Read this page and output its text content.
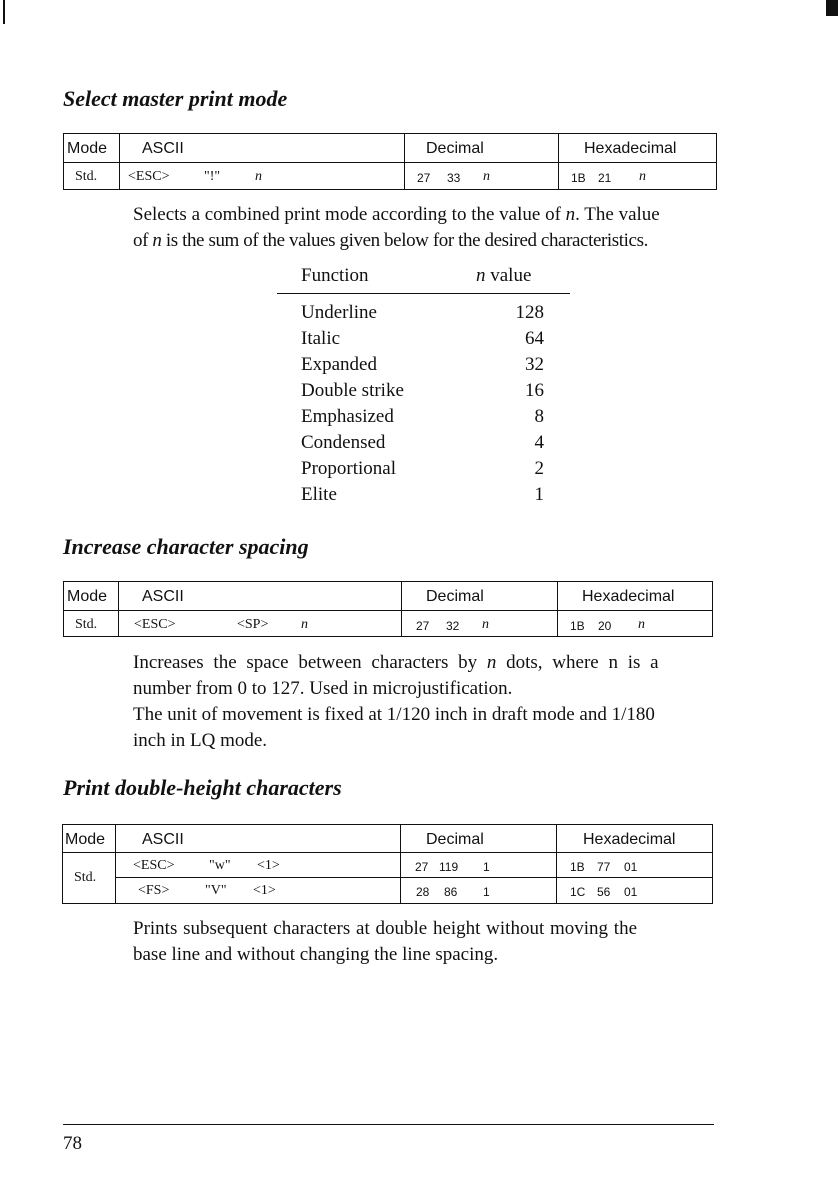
Select master print mode
Mode ASCII	Decimal	Hexadecimal
Std. <ESC> "!" n	27 33 n	1B 21 n
Selects a combined print mode according to the value of n. The value
of n is the sum of the values given below for the desired characteristics.
Function	n value
Underline	128
Italic	64
Expanded	32
Double strike	16
Emphasized	8
Condensed	4
Proportional	2
Elite	1
Increase character spacing
Mode ASCII	Decimal	Hexadecimal
Std.	<ESC>	<SP> n	27 32 n	1B 20 n
Increases the space between characters by n dots, where n is a
number from 0 to 127. Used in microjustification.
The unit of movement is fixed at 1/120 inch in draft mode and 1/180
inch in LQ mode.
Print double-height characters
Mode ASCII	Decimal	Hexadecimal
Std.
<ESC> "w" <1>	27 119 1	1B 77 01
<FS>	"V" <1>	28 86 1	1C 56 01
Prints subsequent characters at double height without moving the
base line and without changing the line spacing.
78
